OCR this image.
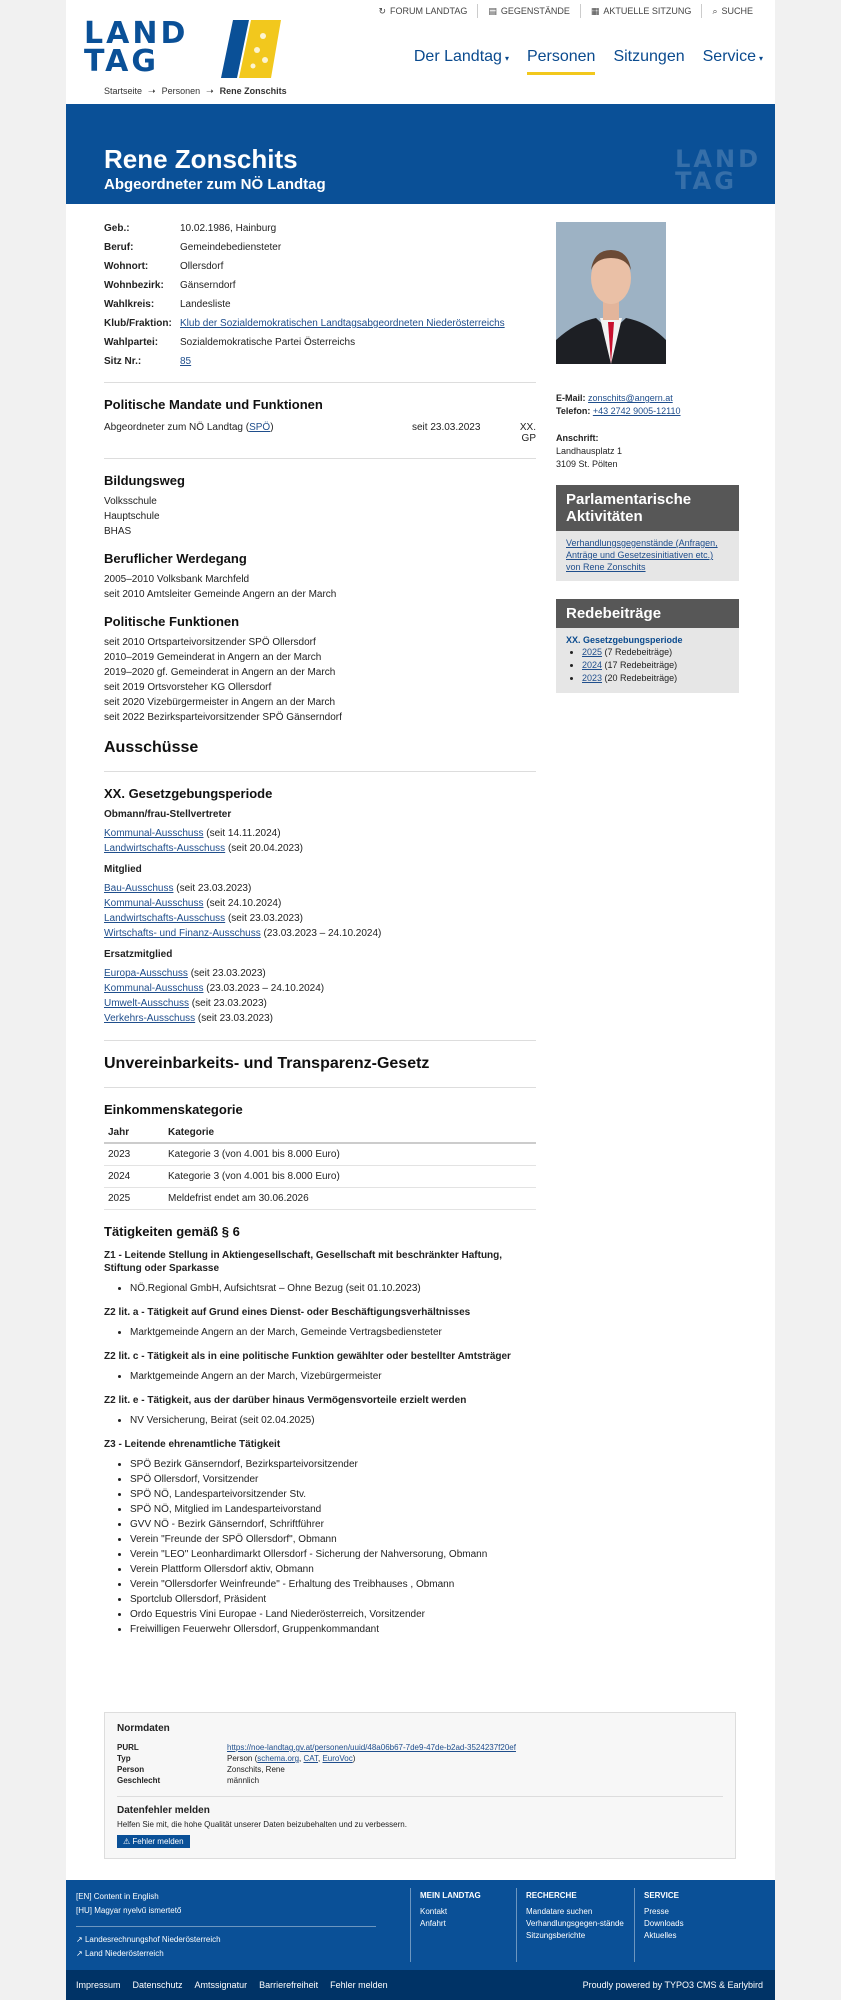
↻ FORUM LANDTAG ▤ GEGENSTÄNDE ▦ AKTUELLE SITZUNG ⌕ SUCHE
LAND
TAG
Startseite ➝ Personen ➝ Rene Zonschits
Der Landtag ▾ Personen Sitzungen Service ▾
Rene Zonschits
Abgeordneter zum NÖ Landtag
LAND
TAG
Geb.:	10.02.1986, Hainburg
Beruf:	Gemeindebediensteter
Wohnort:	Ollersdorf
Wohnbezirk:	Gänserndorf
Wahlkreis:	Landesliste
Klub/Fraktion: Klub der Sozialdemokratischen Landtagsabgeordneten Niederösterreichs
Wahlpartei:	Sozialdemokratische Partei Österreichs
Sitz Nr.:	85
Politische Mandate und Funktionen
Abgeordneter zum NÖ Landtag (SPÖ)	seit 23.03.2023	XX. GP
Bildungsweg
Volksschule
Hauptschule
BHAS
Beruflicher Werdegang
2005–2010 Volksbank Marchfeld
seit 2010 Amtsleiter Gemeinde Angern an der March
Politische Funktionen
seit 2010 Ortsparteivorsitzender SPÖ Ollersdorf
2010–2019 Gemeinderat in Angern an der March
2019–2020 gf. Gemeinderat in Angern an der March
seit 2019 Ortsvorsteher KG Ollersdorf
seit 2020 Vizebürgermeister in Angern an der March
seit 2022 Bezirksparteivorsitzender SPÖ Gänserndorf
Ausschüsse
XX. Gesetzgebungsperiode
Obmann/frau-Stellvertreter
Kommunal-Ausschuss (seit 14.11.2024)
Landwirtschafts-Ausschuss (seit 20.04.2023)
Mitglied
Bau-Ausschuss (seit 23.03.2023)
Kommunal-Ausschuss (seit 24.10.2024)
Landwirtschafts-Ausschuss (seit 23.03.2023)
Wirtschafts- und Finanz-Ausschuss (23.03.2023 – 24.10.2024)
Ersatzmitglied
Europa-Ausschuss (seit 23.03.2023)
Kommunal-Ausschuss (23.03.2023 – 24.10.2024)
Umwelt-Ausschuss (seit 23.03.2023)
Verkehrs-Ausschuss (seit 23.03.2023)
Unvereinbarkeits- und Transparenz-Gesetz
Einkommenskategorie
Jahr	Kategorie
2023	Kategorie 3 (von 4.001 bis 8.000 Euro)
2024	Kategorie 3 (von 4.001 bis 8.000 Euro)
2025	Meldefrist endet am 30.06.2026
Tätigkeiten gemäß § 6
Z1 - Leitende Stellung in Aktiengesellschaft, Gesellschaft mit beschränkter Haftung, Stiftung oder Sparkasse
• NÖ.Regional GmbH, Aufsichtsrat – Ohne Bezug (seit 01.10.2023)
Z2 lit. a - Tätigkeit auf Grund eines Dienst- oder Beschäftigungsverhältnisses
• Marktgemeinde Angern an der March, Gemeinde Vertragsbediensteter
Z2 lit. c - Tätigkeit als in eine politische Funktion gewählter oder bestellter Amtsträger
• Marktgemeinde Angern an der March, Vizebürgermeister
Z2 lit. e - Tätigkeit, aus der darüber hinaus Vermögensvorteile erzielt werden
• NV Versicherung, Beirat (seit 02.04.2025)
Z3 - Leitende ehrenamtliche Tätigkeit
• SPÖ Bezirk Gänserndorf, Bezirksparteivorsitzender
• SPÖ Ollersdorf, Vorsitzender
• SPÖ NÖ, Landesparteivorsitzender Stv.
• SPÖ NÖ, Mitglied im Landesparteivorstand
• GVV NÖ - Bezirk Gänserndorf, Schriftführer
• Verein "Freunde der SPÖ Ollersdorf", Obmann
• Verein "LEO" Leonhardimarkt Ollersdorf - Sicherung der Nahversorung, Obmann
• Verein Plattform Ollersdorf aktiv, Obmann
• Verein "Ollersdorfer Weinfreunde" - Erhaltung des Treibhauses , Obmann
• Sportclub Ollersdorf, Präsident
• Ordo Equestris Vini Europae - Land Niederösterreich, Vorsitzender
• Freiwilligen Feuerwehr Ollersdorf, Gruppenkommandant
E-Mail: zonschits@angern.at
Telefon: +43 2742 9005-12110
Anschrift:
Landhausplatz 1
3109 St. Pölten
Parlamentarische Aktivitäten
Verhandlungsgegenstände (Anfragen, Anträge und Gesetzesinitiativen etc.) von Rene Zonschits
Redebeiträge
XX. Gesetzgebungsperiode
• 2025 (7 Redebeiträge)
• 2024 (17 Redebeiträge)
• 2023 (20 Redebeiträge)
Normdaten
PURL	https://noe-landtag.gv.at/personen/uuid/48a06b67-7de9-47de-b2ad-3524237f20ef
Typ	Person (schema.org, CAT, EuroVoc)
Person	Zonschits, Rene
Geschlecht	männlich
Datenfehler melden
Helfen Sie mit, die hohe Qualität unserer Daten beizubehalten und zu verbessern.
⚠ Fehler melden
[EN] Content in English
[HU] Magyar nyelvű ismertető
↗ Landesrechnungshof Niederösterreich
↗ Land Niederösterreich
MEIN LANDTAG
Kontakt
Anfahrt
RECHERCHE
Mandatare suchen
Verhandlungsgegen-stände
Sitzungsberichte
SERVICE
Presse
Downloads
Aktuelles
Impressum Datenschutz Amtssignatur Barrierefreiheit Fehler melden	Proudly powered by TYPO3 CMS & Earlybird
